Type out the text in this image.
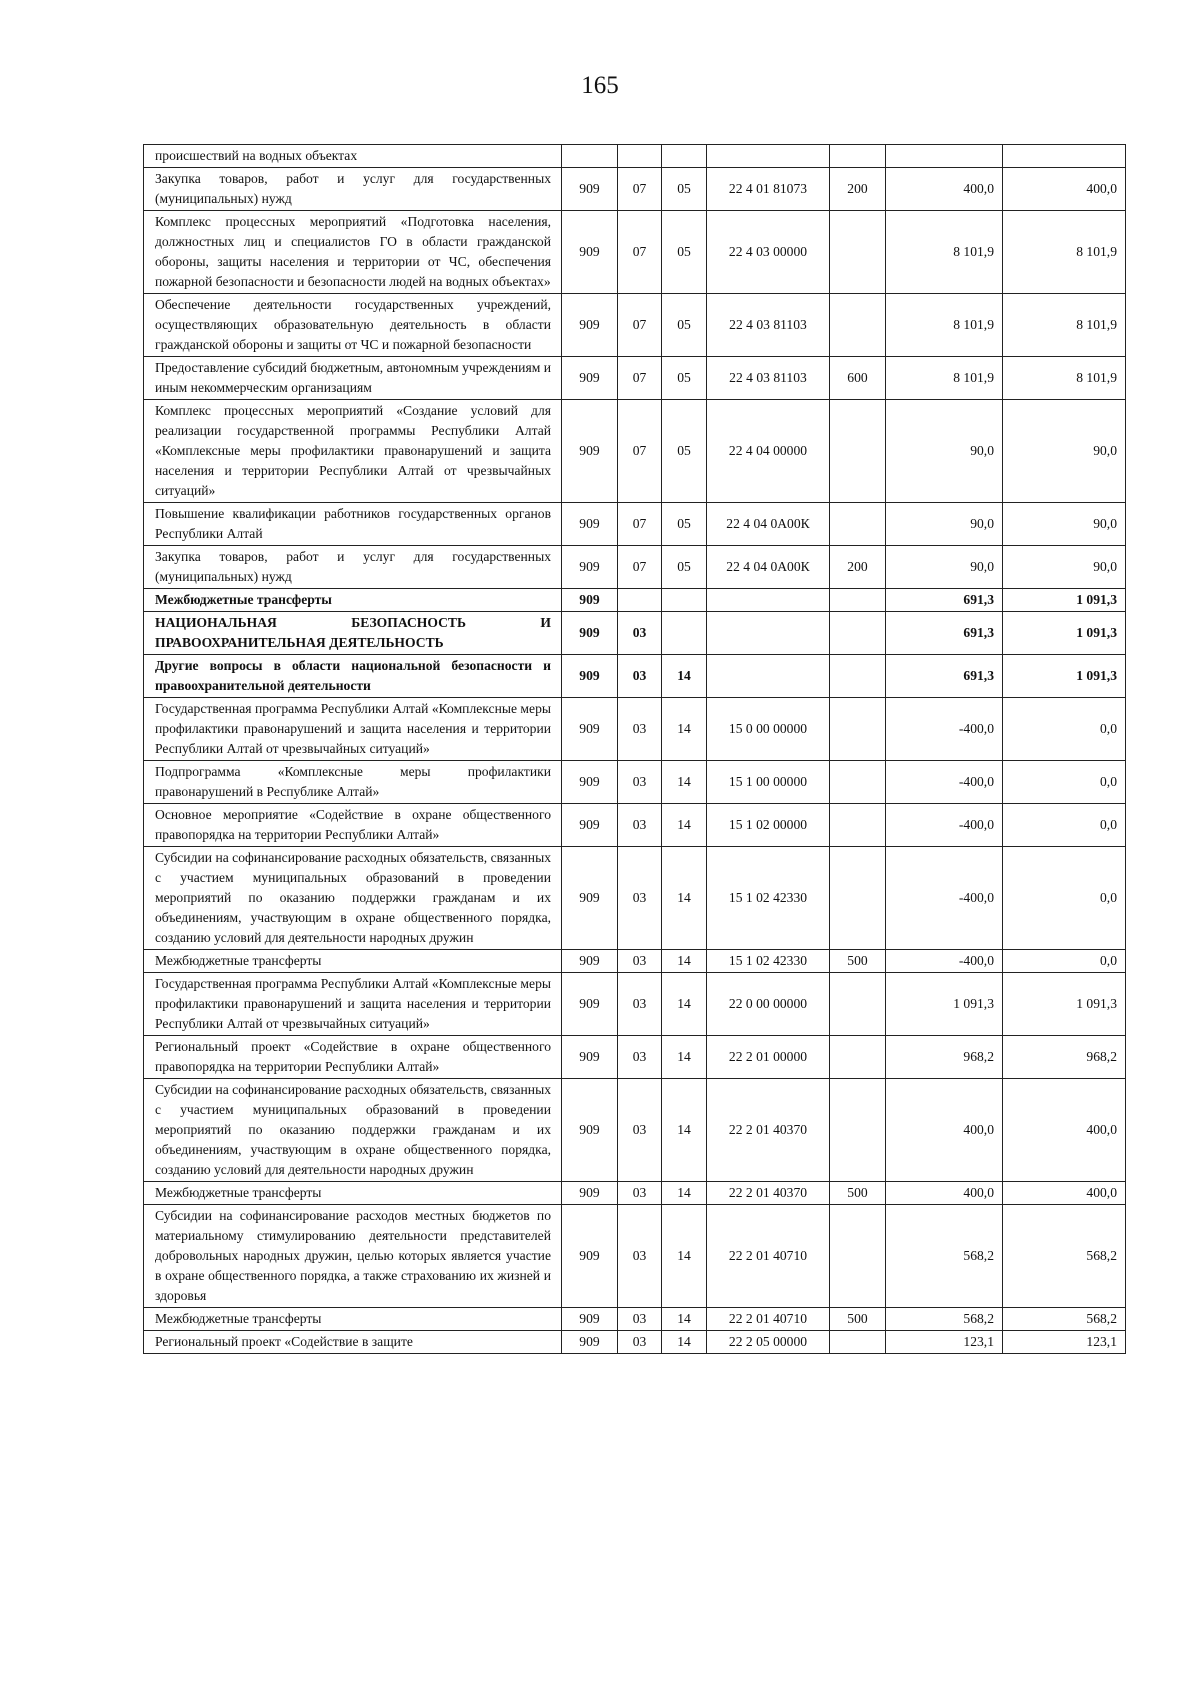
165
происшествий на водных объектах							
Закупка товаров, работ и услуг для государственных (муниципальных) нужд	909	07	05	22 4 01 81073	200	400,0	400,0
Комплекс процессных мероприятий «Подготовка населения, должностных лиц и специалистов ГО в области гражданской обороны, защиты населения и территории от ЧС, обеспечения пожарной безопасности и безопасности людей на водных объектах»	909	07	05	22 4 03 00000		8 101,9	8 101,9
Обеспечение деятельности государственных учреждений, осуществляющих образовательную деятельность в области гражданской обороны и защиты от ЧС и пожарной безопасности	909	07	05	22 4 03 81103		8 101,9	8 101,9
Предоставление субсидий бюджетным, автономным учреждениям и иным некоммерческим организациям	909	07	05	22 4 03 81103	600	8 101,9	8 101,9
Комплекс процессных мероприятий «Создание условий для реализации государственной программы Республики Алтай «Комплексные меры профилактики правонарушений и защита населения и территории Республики Алтай от чрезвычайных ситуаций»	909	07	05	22 4 04 00000		90,0	90,0
Повышение квалификации работников государственных органов Республики Алтай	909	07	05	22 4 04 0А00К		90,0	90,0
Закупка товаров, работ и услуг для государственных (муниципальных) нужд	909	07	05	22 4 04 0А00К	200	90,0	90,0
Межбюджетные трансферты	909					691,3	1 091,3
НАЦИОНАЛЬНАЯ БЕЗОПАСНОСТЬ И ПРАВООХРАНИТЕЛЬНАЯ ДЕЯТЕЛЬНОСТЬ	909	03				691,3	1 091,3
Другие вопросы в области национальной безопасности и правоохранительной деятельности	909	03	14			691,3	1 091,3
Государственная программа Республики Алтай «Комплексные меры профилактики правонарушений и защита населения и территории Республики Алтай от чрезвычайных ситуаций»	909	03	14	15 0 00 00000		-400,0	0,0
Подпрограмма «Комплексные меры профилактики правонарушений в Республике Алтай»	909	03	14	15 1 00 00000		-400,0	0,0
Основное мероприятие «Содействие в охране общественного правопорядка на территории Республики Алтай»	909	03	14	15 1 02 00000		-400,0	0,0
Субсидии на софинансирование расходных обязательств, связанных с участием муниципальных образований в проведении мероприятий по оказанию поддержки гражданам и их объединениям, участвующим в охране общественного порядка, созданию условий для деятельности народных дружин	909	03	14	15 1 02 42330		-400,0	0,0
Межбюджетные трансферты	909	03	14	15 1 02 42330	500	-400,0	0,0
Государственная программа Республики Алтай «Комплексные меры профилактики правонарушений и защита населения и территории Республики Алтай от чрезвычайных ситуаций»	909	03	14	22 0 00 00000		1 091,3	1 091,3
Региональный проект «Содействие в охране общественного правопорядка на территории Республики Алтай»	909	03	14	22 2 01 00000		968,2	968,2
Субсидии на софинансирование расходных обязательств, связанных с участием муниципальных образований в проведении мероприятий по оказанию поддержки гражданам и их объединениям, участвующим в охране общественного порядка, созданию условий для деятельности народных дружин	909	03	14	22 2 01 40370		400,0	400,0
Межбюджетные трансферты	909	03	14	22 2 01 40370	500	400,0	400,0
Субсидии на софинансирование расходов местных бюджетов по материальному стимулированию деятельности представителей добровольных народных дружин, целью которых является участие в охране общественного порядка, а также страхованию их жизней и здоровья	909	03	14	22 2 01 40710		568,2	568,2
Межбюджетные трансферты	909	03	14	22 2 01 40710	500	568,2	568,2
Региональный проект «Содействие в защите	909	03	14	22 2 05 00000		123,1	123,1
